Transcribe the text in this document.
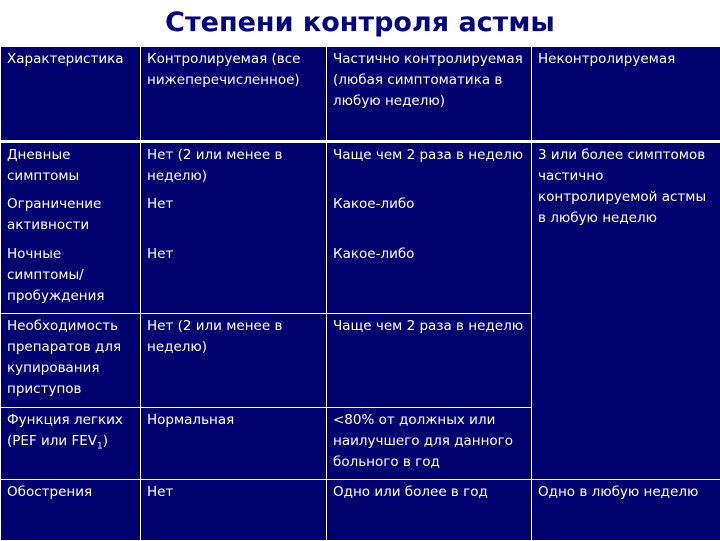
Степени контроля астмы
Характеристика	Контролируемая (все нижеперечисленное)	Частично контролируемая (любая симптоматика в любую неделю)	Неконтролируемая
Дневные симптомы	Нет (2 или менее в неделю)	Чаще чем 2 раза в неделю	3 или более симптомов частично контролируемой астмы в любую неделю
Ограничение активности	Нет	Какое-либо	
Ночные симптомы/ пробуждения	Нет	Какое-либо	
Необходимость препаратов для купирования приступов	Нет (2 или менее в неделю)	Чаще чем 2 раза в неделю	
Функция легких (PEF или $FEV_1$)	Нормальная	<80% от должных или наилучшего для данного больного в год	
Обострения	Нет	Одно или более в год	Одно в любую неделю
